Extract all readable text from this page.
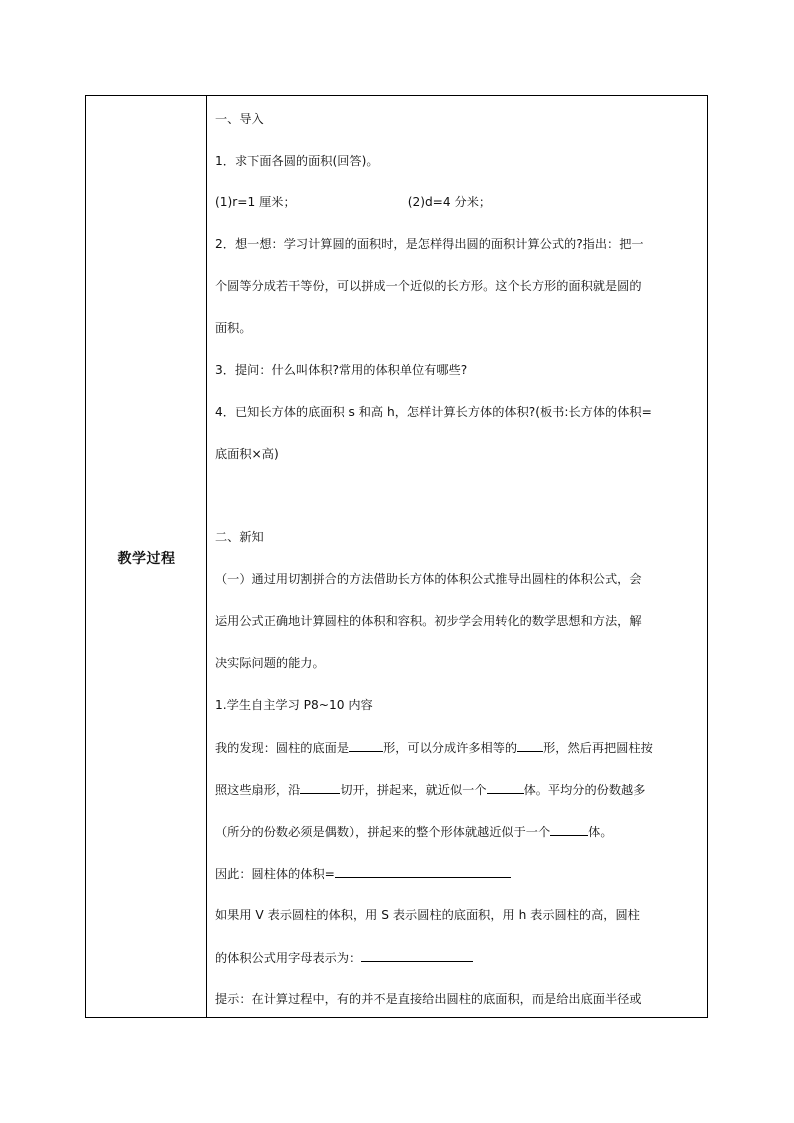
教学过程
一、导入
1．求下面各圆的面积(回答)。
(1)r=1 厘米；	(2)d=4 分米；
2．想一想：学习计算圆的面积时，是怎样得出圆的面积计算公式的?指出：把一
个圆等分成若干等份，可以拼成一个近似的长方形。这个长方形的面积就是圆的
面积。
3．提问：什么叫体积?常用的体积单位有哪些?
4．已知长方体的底面积 s 和高 h，怎样计算长方体的体积?(板书:长方体的体积=
底面积×高)
二、新知
（一）通过用切割拼合的方法借助长方体的体积公式推导出圆柱的体积公式，会
运用公式正确地计算圆柱的体积和容积。初步学会用转化的数学思想和方法，解
决实际问题的能力。
1.学生自主学习 P8~10 内容
我的发现：圆柱的底面是	形，可以分成许多相等的 形，然后再把圆柱按
照这些扇形，沿	切开，拼起来，就近似一个	体。平均分的份数越多
（所分的份数必须是偶数），拼起来的整个形体就越近似于一个	体。
因此：圆柱体的体积=
如果用 V 表示圆柱的体积，用 S 表示圆柱的底面积，用 h 表示圆柱的高，圆柱
的体积公式用字母表示为：
提示：在计算过程中，有的并不是直接给出圆柱的底面积，而是给出底面半径或
